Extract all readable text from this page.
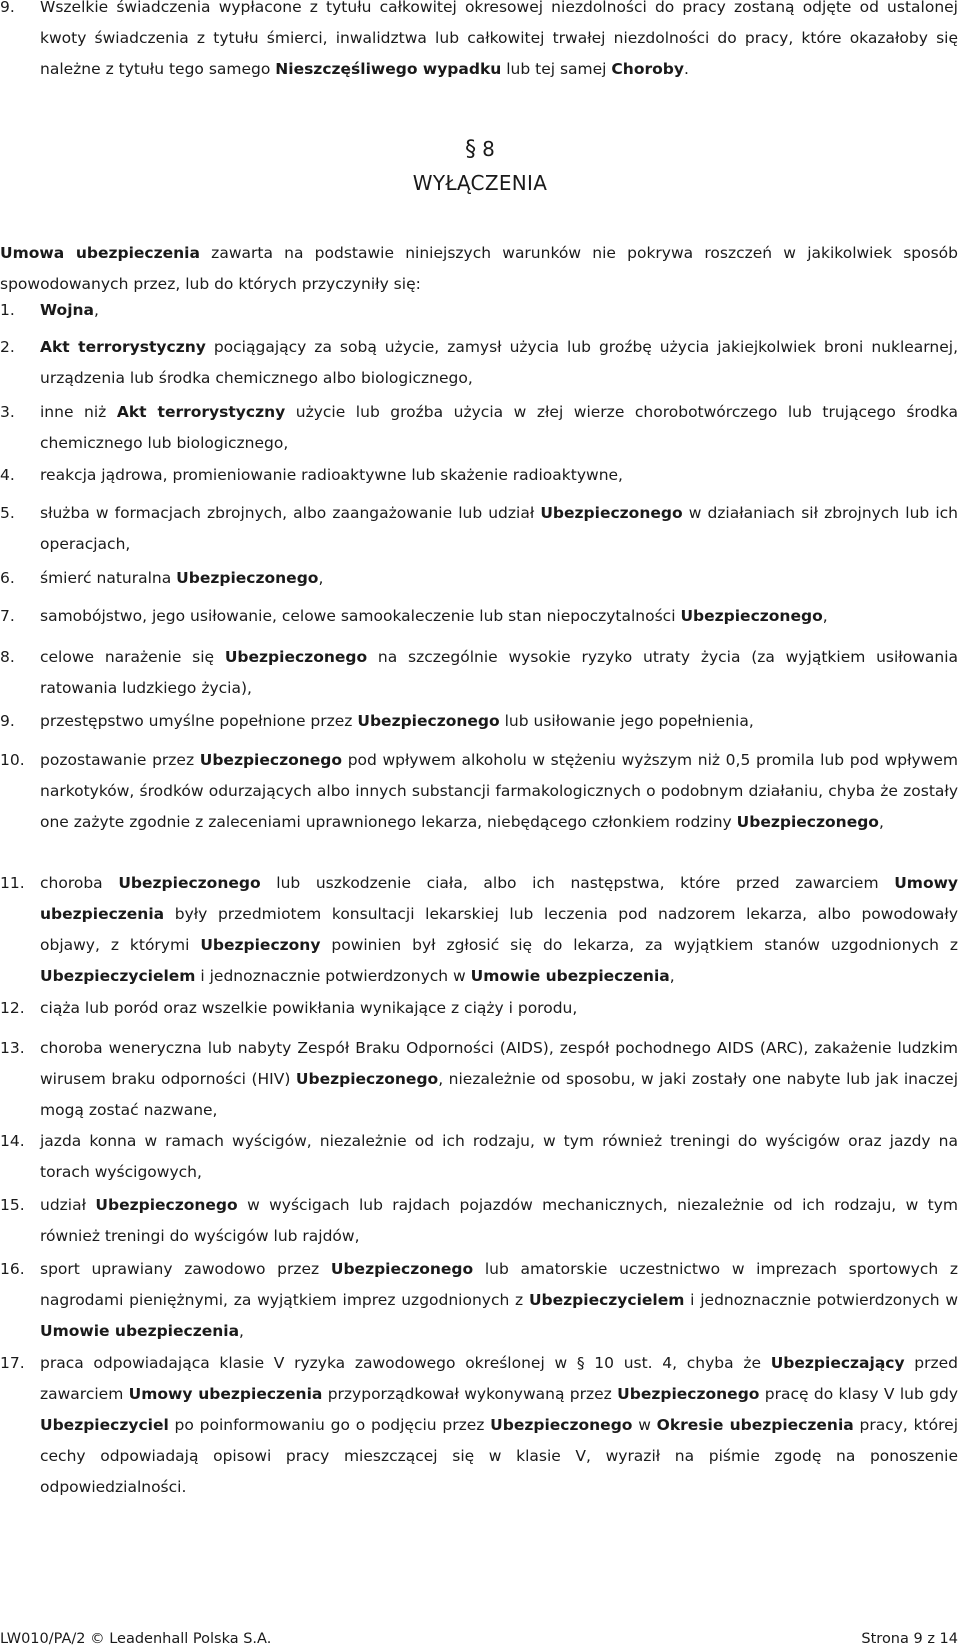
9. Wszelkie świadczenia wypłacone z tytułu całkowitej okresowej niezdolności do pracy zostaną odjęte od ustalonej kwoty świadczenia z tytułu śmierci, inwalidztwa lub całkowitej trwałej niezdolności do pracy, które okazałoby się należne z tytułu tego samego Nieszczęśliwego wypadku lub tej samej Choroby.
§ 8
WYŁĄCZENIA
Umowa ubezpieczenia zawarta na podstawie niniejszych warunków nie pokrywa roszczeń w jakikolwiek sposób spowodowanych przez, lub do których przyczyniły się:
1. Wojna,
2. Akt terrorystyczny pociągający za sobą użycie, zamysł użycia lub groźbę użycia jakiejkolwiek broni nuklearnej, urządzenia lub środka chemicznego albo biologicznego,
3. inne niż Akt terrorystyczny użycie lub groźba użycia w złej wierze chorobotwórczego lub trującego środka chemicznego lub biologicznego,
4. reakcja jądrowa, promieniowanie radioaktywne lub skażenie radioaktywne,
5. służba w formacjach zbrojnych, albo zaangażowanie lub udział Ubezpieczonego w działaniach sił zbrojnych lub ich operacjach,
6. śmierć naturalna Ubezpieczonego,
7. samobójstwo, jego usiłowanie, celowe samookaleczenie lub stan niepoczytalności Ubezpieczonego,
8. celowe narażenie się Ubezpieczonego na szczególnie wysokie ryzyko utraty życia (za wyjątkiem usiłowania ratowania ludzkiego życia),
9. przestępstwo umyślne popełnione przez Ubezpieczonego lub usiłowanie jego popełnienia,
10. pozostawanie przez Ubezpieczonego pod wpływem alkoholu w stężeniu wyższym niż 0,5 promila lub pod wpływem narkotyków, środków odurzających albo innych substancji farmakologicznych o podobnym działaniu, chyba że zostały one zażyte zgodnie z zaleceniami uprawnionego lekarza, niebędącego członkiem rodziny Ubezpieczonego,
11. choroba Ubezpieczonego lub uszkodzenie ciała, albo ich następstwa, które przed zawarciem Umowy ubezpieczenia były przedmiotem konsultacji lekarskiej lub leczenia pod nadzorem lekarza, albo powodowały objawy, z którymi Ubezpieczony powinien był zgłosić się do lekarza, za wyjątkiem stanów uzgodnionych z Ubezpieczycielem i jednoznacznie potwierdzonych w Umowie ubezpieczenia,
12. ciąża lub poród oraz wszelkie powikłania wynikające z ciąży i porodu,
13. choroba weneryczna lub nabyty Zespół Braku Odporności (AIDS), zespół pochodnego AIDS (ARC), zakażenie ludzkim wirusem braku odporności (HIV) Ubezpieczonego, niezależnie od sposobu, w jaki zostały one nabyte lub jak inaczej mogą zostać nazwane,
14. jazda konna w ramach wyścigów, niezależnie od ich rodzaju, w tym również treningi do wyścigów oraz jazdy na torach wyścigowych,
15. udział Ubezpieczonego w wyścigach lub rajdach pojazdów mechanicznych, niezależnie od ich rodzaju, w tym również treningi do wyścigów lub rajdów,
16. sport uprawiany zawodowo przez Ubezpieczonego lub amatorskie uczestnictwo w imprezach sportowych z nagrodami pieniężnymi, za wyjątkiem imprez uzgodnionych z Ubezpieczycielem i jednoznacznie potwierdzonych w Umowie ubezpieczenia,
17. praca odpowiadająca klasie V ryzyka zawodowego określonej w § 10 ust. 4, chyba że Ubezpieczający przed zawarciem Umowy ubezpieczenia przyporządkował wykonywaną przez Ubezpieczonego pracę do klasy V lub gdy Ubezpieczyciel po poinformowaniu go o podjęciu przez Ubezpieczonego w Okresie ubezpieczenia pracy, której cechy odpowiadają opisowi pracy mieszczącej się w klasie V, wyraził na piśmie zgodę na ponoszenie odpowiedzialności.
LW010/PA/2 © Leadenhall Polska S.A.	Strona 9 z 14
